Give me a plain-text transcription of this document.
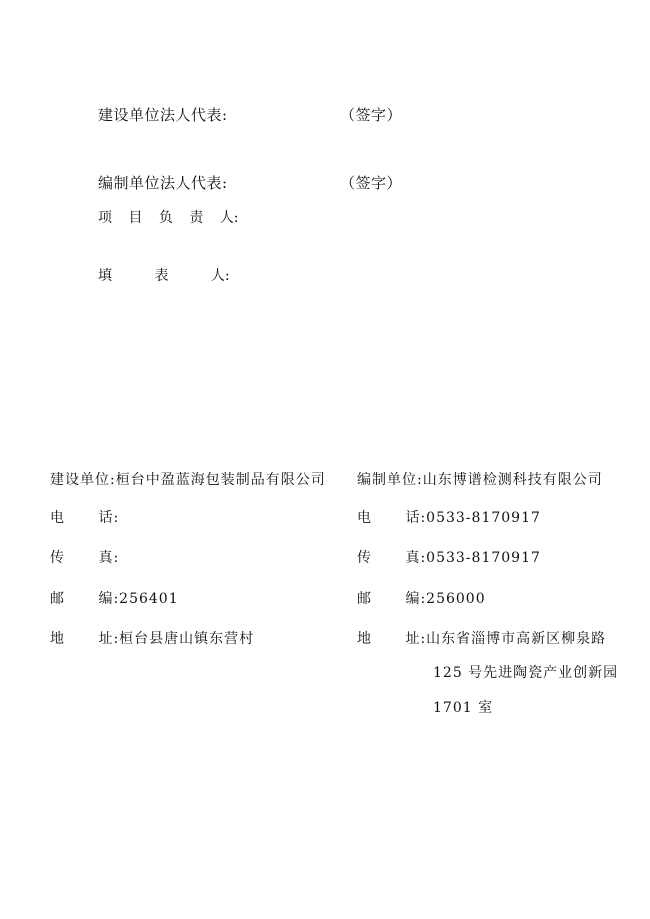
建设单位法人代表:	（签字）
编制单位法人代表:	（签字）
项 目 负 责 人:
填 表 人:
建设单位:桓台中盈蓝海包装制品有限公司
电 话:
传 真:
邮 编:256401
地 址:桓台县唐山镇东营村
编制单位:山东博谱检测科技有限公司
电 话:0533-8170917
传 真:0533-8170917
邮 编:256000
地 址:山东省淄博市高新区柳泉路
125 号先进陶瓷产业创新园
1701 室
